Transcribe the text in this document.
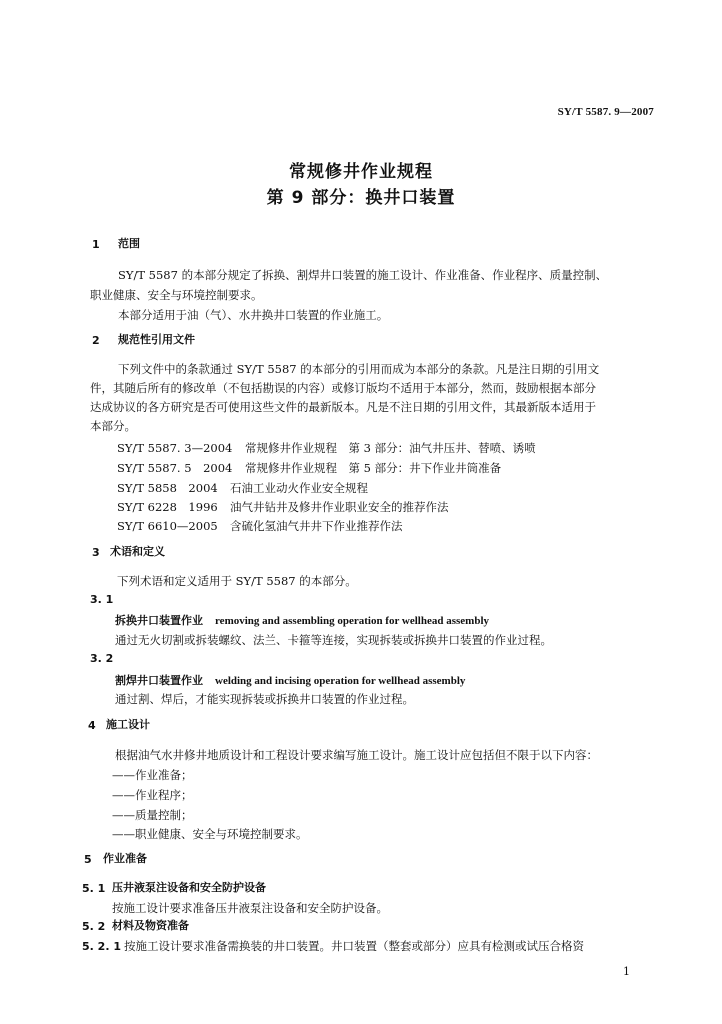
SY/T 5587. 9—2007
常规修井作业规程
第 9 部分：换井口装置
1 范围
SY/T 5587 的本部分规定了拆换、割焊井口装置的施工设计、作业准备、作业程序、质量控制、
职业健康、安全与环境控制要求。
本部分适用于油（气）、水井换井口装置的作业施工。
2 规范性引用文件
下列文件中的条款通过 SY/T 5587 的本部分的引用而成为本部分的条款。凡是注日期的引用文
件，其随后所有的修改单（不包括勘误的内容）或修订版均不适用于本部分，然而，鼓励根据本部分
达成协议的各方研究是否可使用这些文件的最新版本。凡是不注日期的引用文件，其最新版本适用于
本部分。
SY/T 5587. 3—2004 常规修井作业规程　第 3 部分：油气井压井、替喷、诱喷
SY/T 5587. 5　2004 常规修井作业规程　第 5 部分：井下作业井筒准备
SY/T 5858　2004 石油工业动火作业安全规程
SY/T 6228　1996 油气井钻井及修井作业职业安全的推荐作法
SY/T 6610—2005 含硫化氢油气井井下作业推荐作法
3 术语和定义
下列术语和定义适用于 SY/T 5587 的本部分。
3. 1
拆换井口装置作业 removing and assembling operation for wellhead assembly
通过无火切割或拆装螺纹、法兰、卡箍等连接，实现拆装或拆换井口装置的作业过程。
3. 2
割焊井口装置作业 welding and incising operation for wellhead assembly
通过割、焊后，才能实现拆装或拆换井口装置的作业过程。
4 施工设计
根据油气水井修井地质设计和工程设计要求编写施工设计。施工设计应包括但不限于以下内容：
——作业准备；
——作业程序；
——质量控制；
——职业健康、安全与环境控制要求。
5 作业准备
5. 1 压井液泵注设备和安全防护设备
按施工设计要求准备压井液泵注设备和安全防护设备。
5. 2 材料及物资准备
5. 2. 1 按施工设计要求准备需换装的井口装置。井口装置（整套或部分）应具有检测或试压合格资
1
